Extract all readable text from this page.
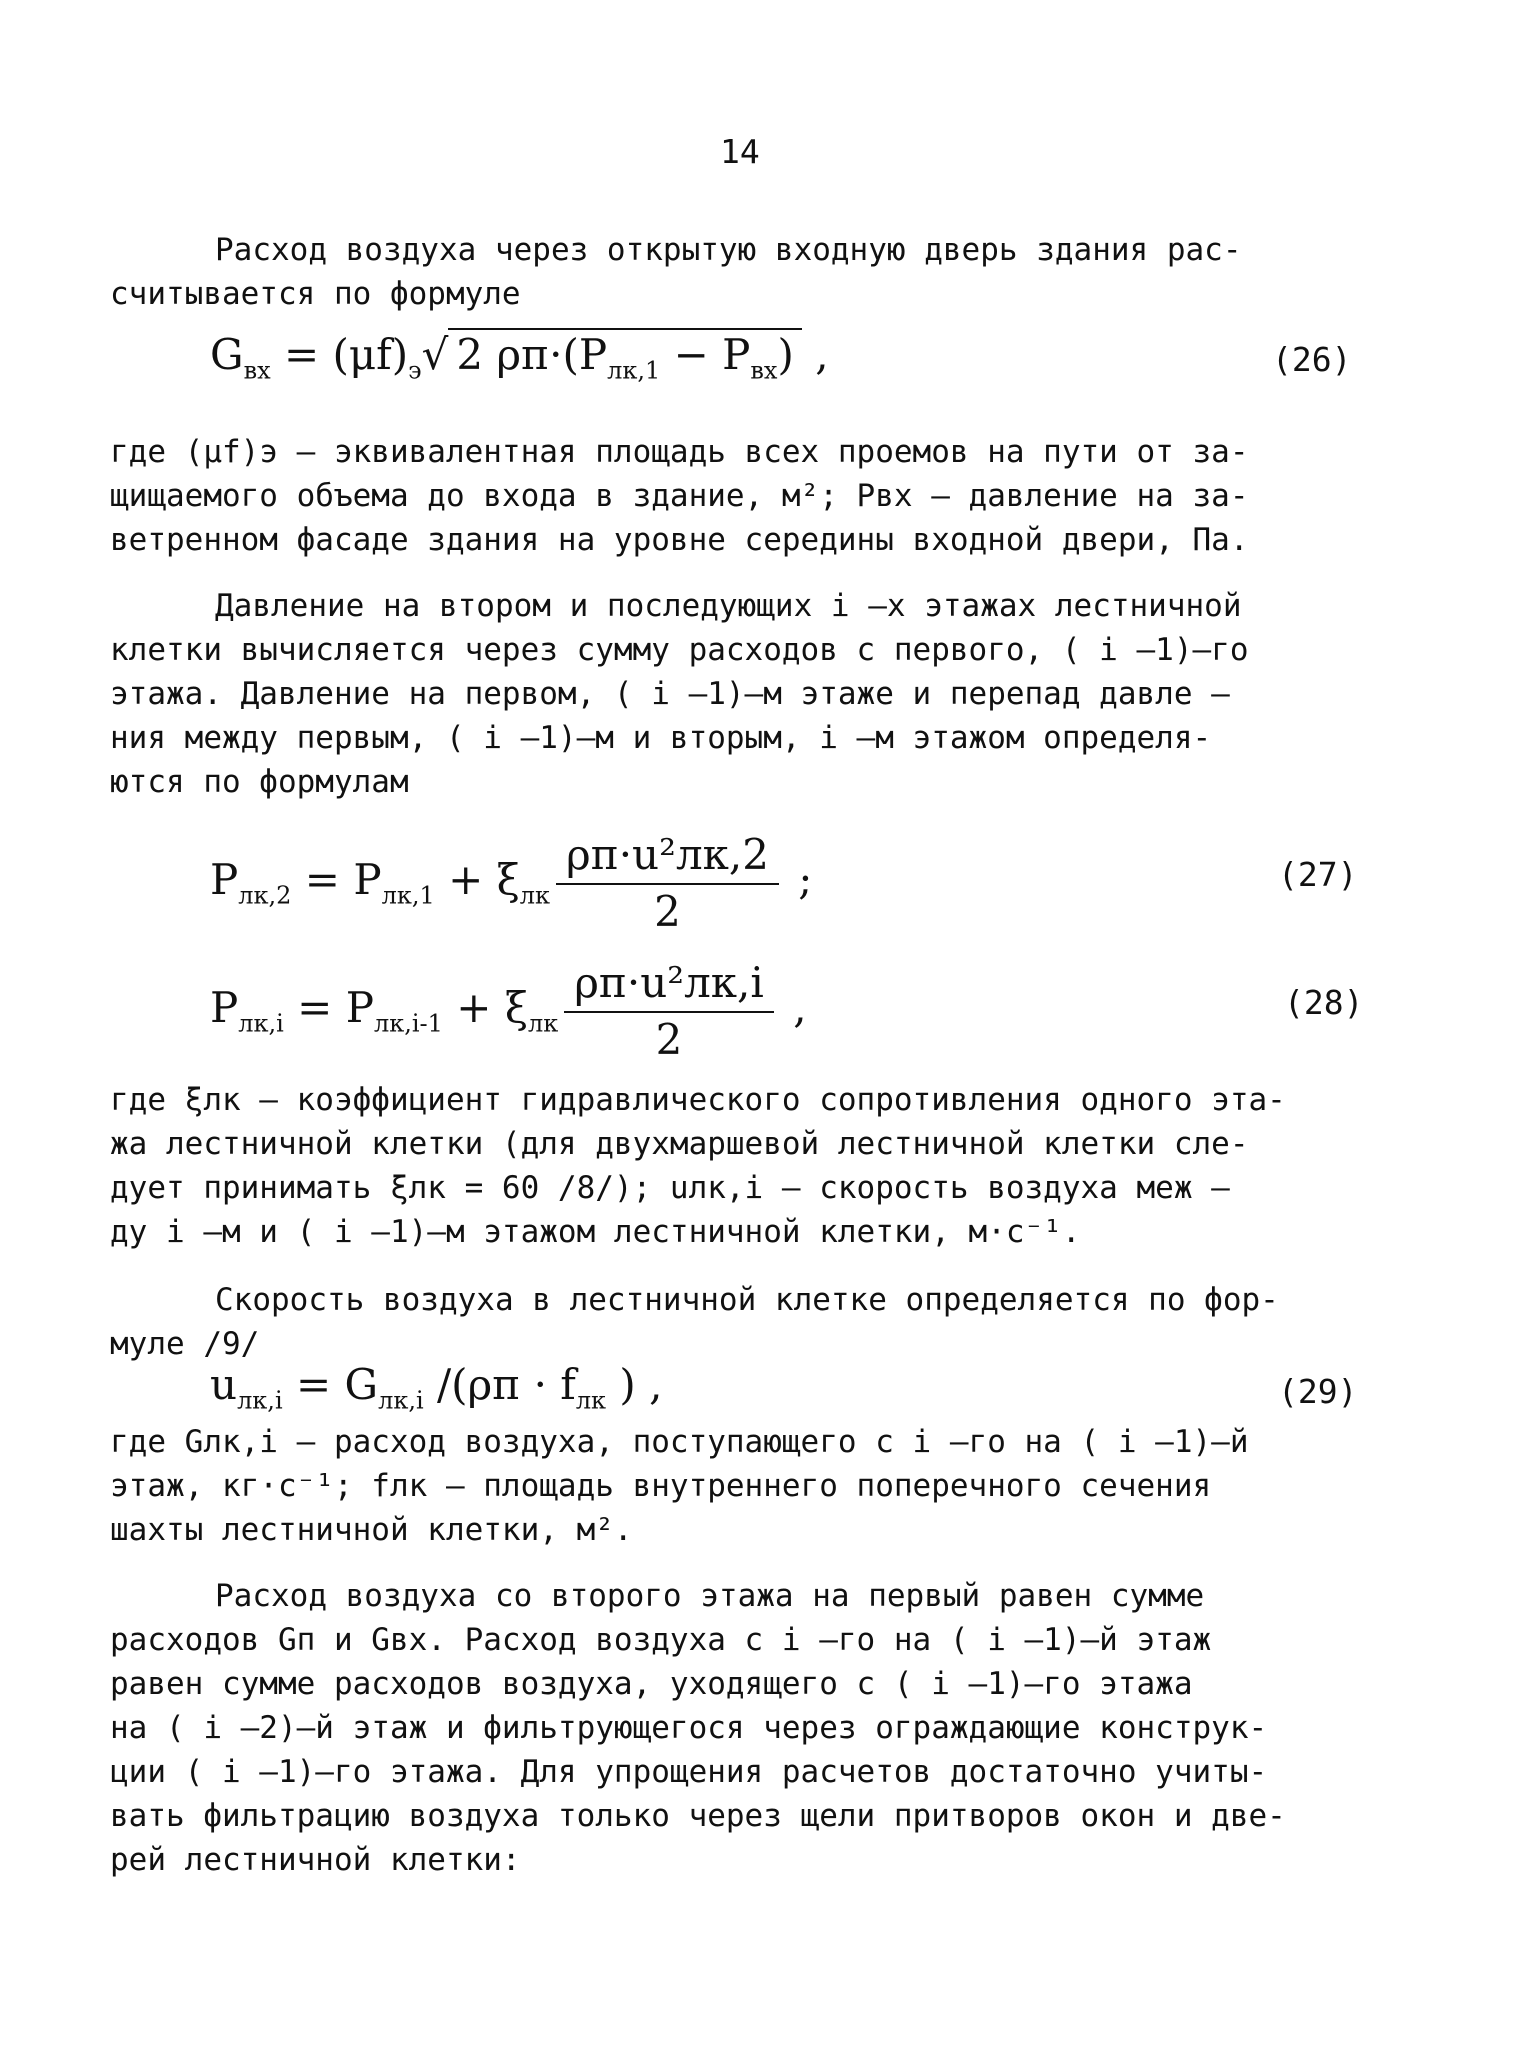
14
Расход воздуха через открытую входную дверь здания рас-
считывается по формуле
$G_{вх} = (\mu f)_э√$ 2 $\rho п\cdot(P_{лк,1} - P_{вх})$ ,	(26)
где (μf)э – эквивалентная площадь всех проемов на пути от за-
щищаемого объема до входа в здание, м²; Pвх – давление на за-
ветренном фасаде здания на уровне середины входной двери, Па.
Давление на втором и последующих i –х этажах лестничной
клетки вычисляется через сумму расходов с первого, ( i –1)–го
этажа. Давление на первом, ( i –1)–м этаже и перепад давле –
ния между первым, ( i –1)–м и вторым, i –м этажом определя-
ются по формулам
$P_{лк,2} = P_{лк,1} + \xi_{лк} \frac{\text{ρп·u²лк,2}}{2}$ ;	(27)
$P_{лк,i} = P_{лк,i-1} + \xi_{лк} \frac{\text{ρп·u²лк,i}}{2}$ ,	(28)
где ξлк – коэффициент гидравлического сопротивления одного эта-
жа лестничной клетки (для двухмаршевой лестничной клетки сле-
дует принимать ξлк = 60 /8/); uлк,i – скорость воздуха меж –
ду i –м и ( i –1)–м этажом лестничной клетки, м·с⁻¹.
Скорость воздуха в лестничной клетке определяется по фор-
муле /9/
$u_{лк,i} = G_{лк,i}$ $/(\rho п \cdot f_{лк}$ ) ,	(29)
где Gлк,i – расход воздуха, поступающего с i –го на ( i –1)–й
этаж, кг·с⁻¹; fлк – площадь внутреннего поперечного сечения
шахты лестничной клетки, м².
Расход воздуха со второго этажа на первый равен сумме
расходов Gп и Gвх. Расход воздуха с i –го на ( i –1)–й этаж
равен сумме расходов воздуха, уходящего с ( i –1)–го этажа
на ( i –2)–й этаж и фильтрующегося через ограждающие конструк-
ции ( i –1)–го этажа. Для упрощения расчетов достаточно учиты-
вать фильтрацию воздуха только через щели притворов окон и две-
рей лестничной клетки:
